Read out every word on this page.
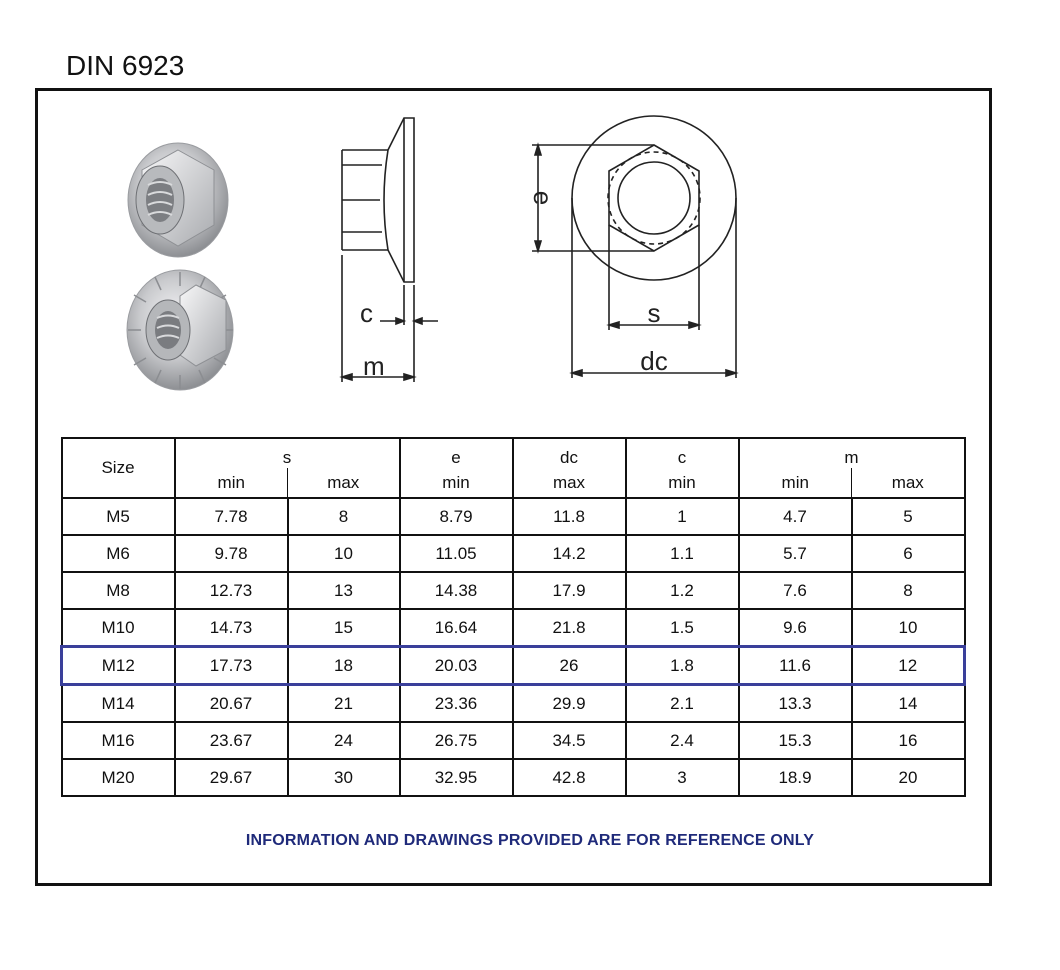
DIN 6923
c
m
e
s
dc
Size	s		e	dc	c	m	
	min	max	min	max	min	min	max
M5	7.78	8	8.79	11.8	1	4.7	5
M6	9.78	10	11.05	14.2	1.1	5.7	6
M8	12.73	13	14.38	17.9	1.2	7.6	8
M10	14.73	15	16.64	21.8	1.5	9.6	10
M12	17.73	18	20.03	26	1.8	11.6	12
M14	20.67	21	23.36	29.9	2.1	13.3	14
M16	23.67	24	26.75	34.5	2.4	15.3	16
M20	29.67	30	32.95	42.8	3	18.9	20
INFORMATION AND DRAWINGS PROVIDED ARE FOR REFERENCE ONLY
